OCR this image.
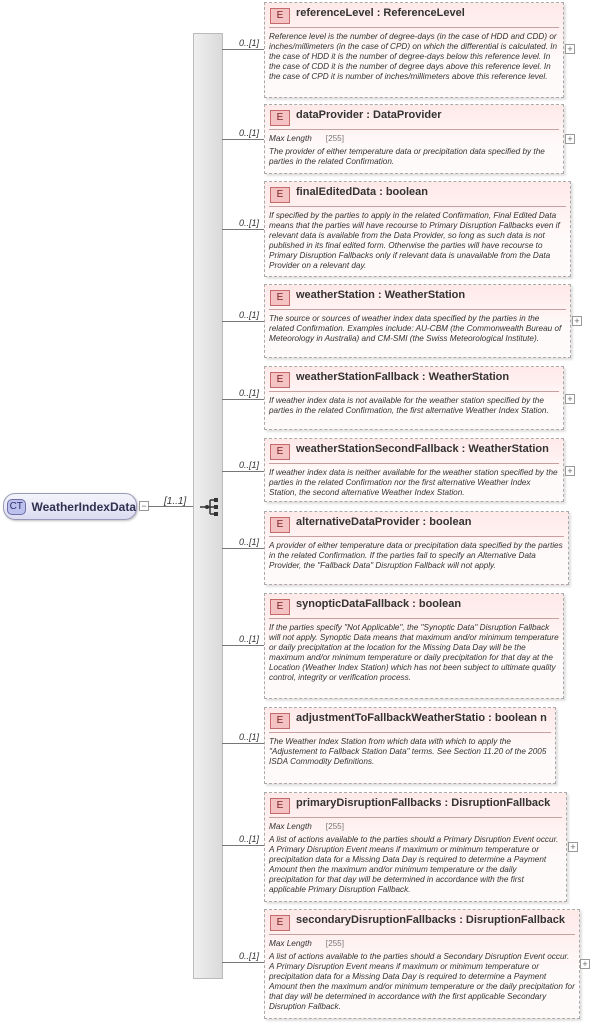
CT WeatherIndexData − [1..1]
0..[1]
E	referenceLevel : ReferenceLevel
Reference level is the number of degree-days (in the case of HDD and CDD) or inches/millimeters (in the case of CPD) on which the differential is calculated. In the case of HDD it is the number of degree-days below this reference level. In the case of CDD it is the number of degree days above this reference level. In the case of CPD it is number of inches/millimeters above this reference level.
+
0..[1]
E	dataProvider : DataProvider
Max Length [255]
The provider of either temperature data or precipitation data specified by the parties in the related Confirmation.
+
0..[1]
E	finalEditedData : boolean
If specified by the parties to apply in the related Confirmation, Final Edited Data means that the parties will have recourse to Primary Disruption Fallbacks even if relevant data is available from the Data Provider, so long as such data is not published in its final edited form. Otherwise the parties will have recourse to Primary Disruption Fallbacks only if relevant data is unavailable from the Data Provider on a relevant day.
0..[1]
E	weatherStation : WeatherStation
The source or sources of weather index data specified by the parties in the related Confirmation. Examples include: AU-CBM (the Commonwealth Bureau of Meteorology in Australia) and CM-SMI (the Swiss Meteorological Institute).
+
0..[1]
E	weatherStationFallback : WeatherStation
If weather index data is not available for the weather station specified by the parties in the related Confirmation, the first alternative Weather Index Station.
+
0..[1]
E	weatherStationSecondFallback : WeatherStation
If weather index data is neither available for the weather station specified by the parties in the related Confirmation nor the first alternative Weather Index Station, the second alternative Weather Index Station.
+
0..[1]
E	alternativeDataProvider : boolean
A provider of either temperature data or precipitation data specified by the parties in the related Confirmation. If the parties fail to specify an Alternative Data Provider, the "Fallback Data" Disruption Fallback will not apply.
0..[1]
E	synopticDataFallback : boolean
If the parties specify "Not Applicable", the "Synoptic Data" Disruption Fallback will not apply. Synoptic Data means that maximum and/or minimum temperature or daily precipitation at the location for the Missing Data Day will be the maximum and/or minimum temperature or daily precipitation for that day at the Location (Weather Index Station) which has not been subject to ultimate quality control, integrity or verification process.
0..[1]
E	adjustmentToFallbackWeatherStatio : boolean n
The Weather Index Station from which data with which to apply the "Adjustement to Fallback Station Data" terms. See Section 11.20 of the 2005 ISDA Commodity Definitions.
0..[1]
E	primaryDisruptionFallbacks : DisruptionFallback
Max Length [255]
A list of actions available to the parties should a Primary Disruption Event occur. A Primary Disruption Event means if maximum or minimum temperature or precipitation data for a Missing Data Day is required to determine a Payment Amount then the maximum and/or minimum temperature or the daily precipitation for that day will be determined in accordance with the first applicable Primary Disruption Fallback.
+
0..[1]
E	secondaryDisruptionFallbacks : DisruptionFallback
Max Length [255]
A list of actions available to the parties should a Secondary Disruption Event occur. A Primary Disruption Event means if maximum or minimum temperature or precipitation data for a Missing Data Day is required to determine a Payment Amount then the maximum and/or minimum temperature or the daily precipitation for that day will be determined in accordance with the first applicable Secondary Disruption Fallback.
+
